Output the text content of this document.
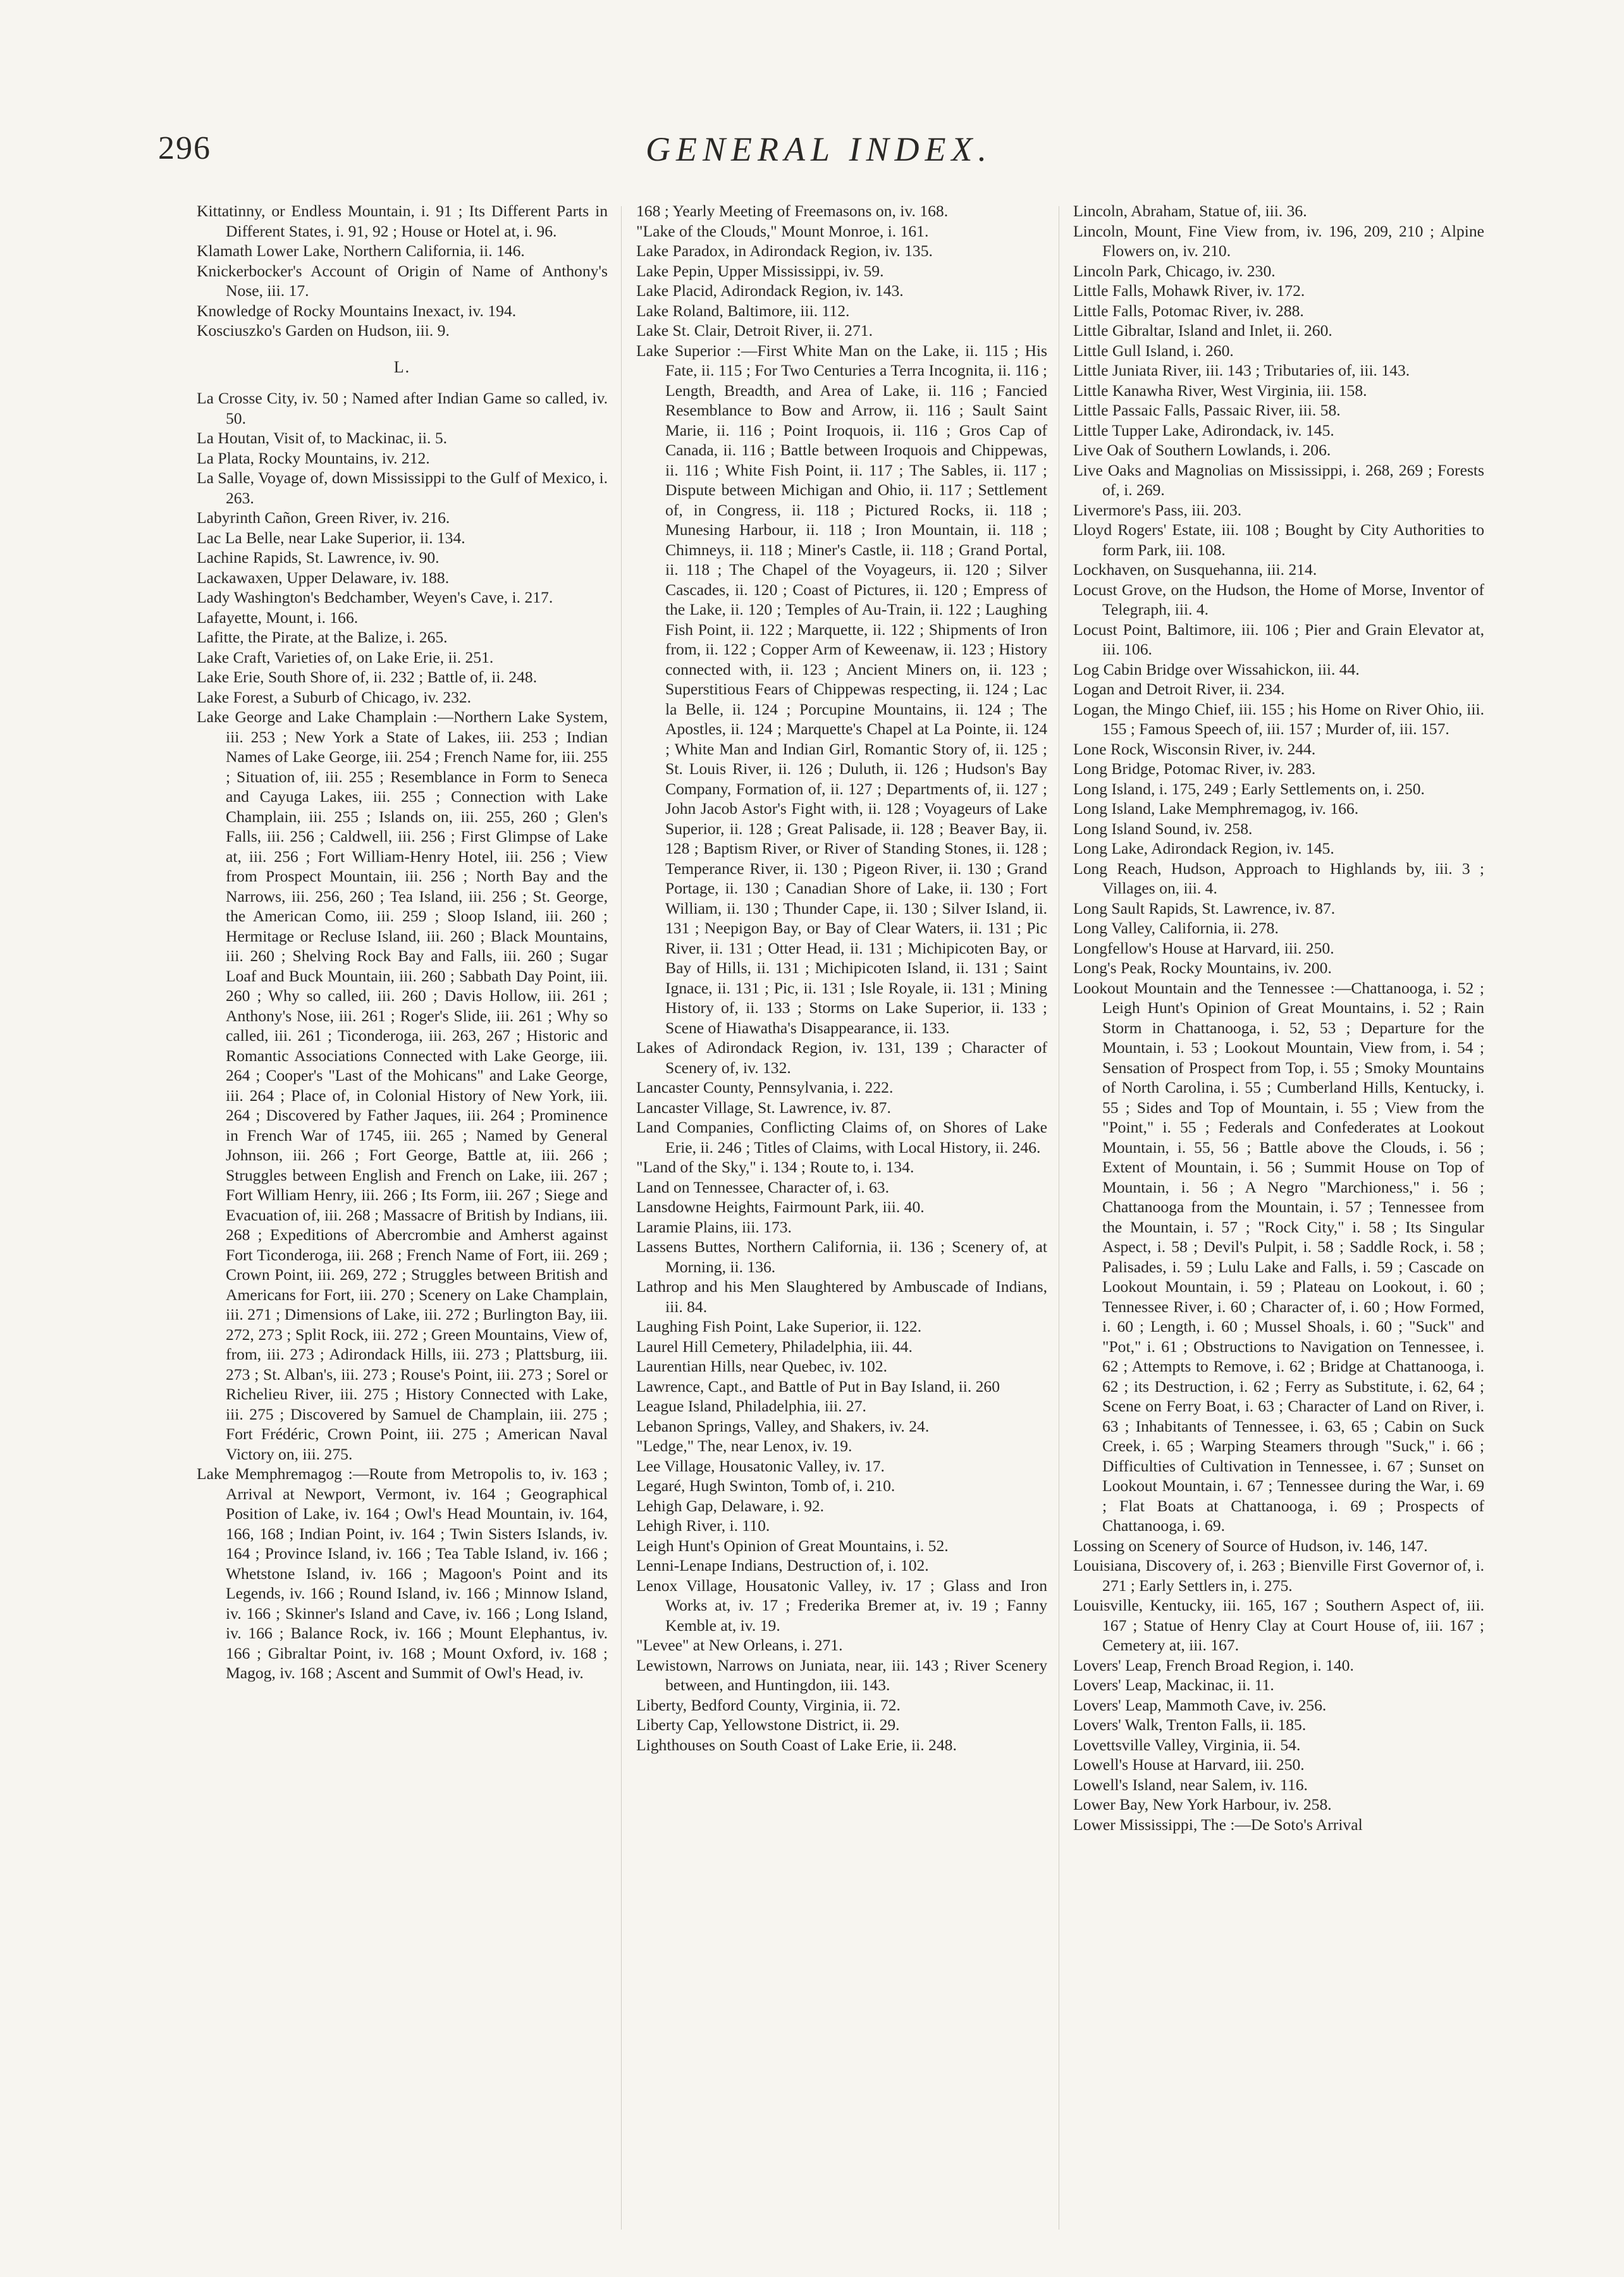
296	GENERAL INDEX.

Kittatinny, or Endless Mountain, i. 91 ; Its Different Parts in Different States, i. 91, 92 ; House or Hotel at, i. 96.

Klamath Lower Lake, Northern California, ii. 146.

Knickerbocker's Account of Origin of Name of Anthony's Nose, iii. 17.

Knowledge of Rocky Mountains Inexact, iv. 194.

Kosciuszko's Garden on Hudson, iii. 9.

L.

La Crosse City, iv. 50 ; Named after Indian Game so called, iv. 50.

La Houtan, Visit of, to Mackinac, ii. 5.

La Plata, Rocky Mountains, iv. 212.

La Salle, Voyage of, down Mississippi to the Gulf of Mexico, i. 263.

Labyrinth Cañon, Green River, iv. 216.

Lac La Belle, near Lake Superior, ii. 134.

Lachine Rapids, St. Lawrence, iv. 90.

Lackawaxen, Upper Delaware, iv. 188.

Lady Washington's Bedchamber, Weyen's Cave, i. 217.

Lafayette, Mount, i. 166.

Lafitte, the Pirate, at the Balize, i. 265.

Lake Craft, Varieties of, on Lake Erie, ii. 251.

Lake Erie, South Shore of, ii. 232 ; Battle of, ii. 248.

Lake Forest, a Suburb of Chicago, iv. 232.

Lake George and Lake Champlain :—Northern Lake System, iii. 253 ; New York a State of Lakes, iii. 253 ; Indian Names of Lake George, iii. 254 ; French Name for, iii. 255 ; Situation of, iii. 255 ; Resemblance in Form to Seneca and Cayuga Lakes, iii. 255 ; Connection with Lake Champlain, iii. 255 ; Islands on, iii. 255, 260 ; Glen's Falls, iii. 256 ; Caldwell, iii. 256 ; First Glimpse of Lake at, iii. 256 ; Fort William-Henry Hotel, iii. 256 ; View from Prospect Mountain, iii. 256 ; North Bay and the Narrows, iii. 256, 260 ; Tea Island, iii. 256 ; St. George, the American Como, iii. 259 ; Sloop Island, iii. 260 ; Hermitage or Recluse Island, iii. 260 ; Black Mountains, iii. 260 ; Shelving Rock Bay and Falls, iii. 260 ; Sugar Loaf and Buck Mountain, iii. 260 ; Sabbath Day Point, iii. 260 ; Why so called, iii. 260 ; Davis Hollow, iii. 261 ; Anthony's Nose, iii. 261 ; Roger's Slide, iii. 261 ; Why so called, iii. 261 ; Ticonderoga, iii. 263, 267 ; Historic and Romantic Associations Connected with Lake George, iii. 264 ; Cooper's "Last of the Mohicans" and Lake George, iii. 264 ; Place of, in Colonial History of New York, iii. 264 ; Discovered by Father Jaques, iii. 264 ; Prominence in French War of 1745, iii. 265 ; Named by General Johnson, iii. 266 ; Fort George, Battle at, iii. 266 ; Struggles between English and French on Lake, iii. 267 ; Fort William Henry, iii. 266 ; Its Form, iii. 267 ; Siege and Evacuation of, iii. 268 ; Massacre of British by Indians, iii. 268 ; Expeditions of Abercrombie and Amherst against Fort Ticonderoga, iii. 268 ; French Name of Fort, iii. 269 ; Crown Point, iii. 269, 272 ; Struggles between British and Americans for Fort, iii. 270 ; Scenery on Lake Champlain, iii. 271 ; Dimensions of Lake, iii. 272 ; Burlington Bay, iii. 272, 273 ; Split Rock, iii. 272 ; Green Mountains, View of, from, iii. 273 ; Adirondack Hills, iii. 273 ; Plattsburg, iii. 273 ; St. Alban's, iii. 273 ; Rouse's Point, iii. 273 ; Sorel or Richelieu River, iii. 275 ; History Connected with Lake, iii. 275 ; Discovered by Samuel de Champlain, iii. 275 ; Fort Frédéric, Crown Point, iii. 275 ; American Naval Victory on, iii. 275.

Lake Memphremagog :—Route from Metropolis to, iv. 163 ; Arrival at Newport, Vermont, iv. 164 ; Geographical Position of Lake, iv. 164 ; Owl's Head Mountain, iv. 164, 166, 168 ; Indian Point, iv. 164 ; Twin Sisters Islands, iv. 164 ; Province Island, iv. 166 ; Tea Table Island, iv. 166 ; Whetstone Island, iv. 166 ; Magoon's Point and its Legends, iv. 166 ; Round Island, iv. 166 ; Minnow Island, iv. 166 ; Skinner's Island and Cave, iv. 166 ; Long Island, iv. 166 ; Balance Rock, iv. 166 ; Mount Elephantus, iv. 166 ; Gibraltar Point, iv. 168 ; Mount Oxford, iv. 168 ; Magog, iv. 168 ; Ascent and Summit of Owl's Head, iv.

168 ; Yearly Meeting of Freemasons on, iv. 168.

"Lake of the Clouds," Mount Monroe, i. 161.

Lake Paradox, in Adirondack Region, iv. 135.

Lake Pepin, Upper Mississippi, iv. 59.

Lake Placid, Adirondack Region, iv. 143.

Lake Roland, Baltimore, iii. 112.

Lake St. Clair, Detroit River, ii. 271.

Lake Superior :—First White Man on the Lake, ii. 115 ; His Fate, ii. 115 ; For Two Centuries a Terra Incognita, ii. 116 ; Length, Breadth, and Area of Lake, ii. 116 ; Fancied Resemblance to Bow and Arrow, ii. 116 ; Sault Saint Marie, ii. 116 ; Point Iroquois, ii. 116 ; Gros Cap of Canada, ii. 116 ; Battle between Iroquois and Chippewas, ii. 116 ; White Fish Point, ii. 117 ; The Sables, ii. 117 ; Dispute between Michigan and Ohio, ii. 117 ; Settlement of, in Congress, ii. 118 ; Pictured Rocks, ii. 118 ; Munesing Harbour, ii. 118 ; Iron Mountain, ii. 118 ; Chimneys, ii. 118 ; Miner's Castle, ii. 118 ; Grand Portal, ii. 118 ; The Chapel of the Voyageurs, ii. 120 ; Silver Cascades, ii. 120 ; Coast of Pictures, ii. 120 ; Empress of the Lake, ii. 120 ; Temples of Au-Train, ii. 122 ; Laughing Fish Point, ii. 122 ; Marquette, ii. 122 ; Shipments of Iron from, ii. 122 ; Copper Arm of Keweenaw, ii. 123 ; History connected with, ii. 123 ; Ancient Miners on, ii. 123 ; Superstitious Fears of Chippewas respecting, ii. 124 ; Lac la Belle, ii. 124 ; Porcupine Mountains, ii. 124 ; The Apostles, ii. 124 ; Marquette's Chapel at La Pointe, ii. 124 ; White Man and Indian Girl, Romantic Story of, ii. 125 ; St. Louis River, ii. 126 ; Duluth, ii. 126 ; Hudson's Bay Company, Formation of, ii. 127 ; Departments of, ii. 127 ; John Jacob Astor's Fight with, ii. 128 ; Voyageurs of Lake Superior, ii. 128 ; Great Palisade, ii. 128 ; Beaver Bay, ii. 128 ; Baptism River, or River of Standing Stones, ii. 128 ; Temperance River, ii. 130 ; Pigeon River, ii. 130 ; Grand Portage, ii. 130 ; Canadian Shore of Lake, ii. 130 ; Fort William, ii. 130 ; Thunder Cape, ii. 130 ; Silver Island, ii. 131 ; Neepigon Bay, or Bay of Clear Waters, ii. 131 ; Pic River, ii. 131 ; Otter Head, ii. 131 ; Michipicoten Bay, or Bay of Hills, ii. 131 ; Michipicoten Island, ii. 131 ; Saint Ignace, ii. 131 ; Pic, ii. 131 ; Isle Royale, ii. 131 ; Mining History of, ii. 133 ; Storms on Lake Superior, ii. 133 ; Scene of Hiawatha's Disappearance, ii. 133.

Lakes of Adirondack Region, iv. 131, 139 ; Character of Scenery of, iv. 132.

Lancaster County, Pennsylvania, i. 222.

Lancaster Village, St. Lawrence, iv. 87.

Land Companies, Conflicting Claims of, on Shores of Lake Erie, ii. 246 ; Titles of Claims, with Local History, ii. 246.

"Land of the Sky," i. 134 ; Route to, i. 134.

Land on Tennessee, Character of, i. 63.

Lansdowne Heights, Fairmount Park, iii. 40.

Laramie Plains, iii. 173.

Lassens Buttes, Northern California, ii. 136 ; Scenery of, at Morning, ii. 136.

Lathrop and his Men Slaughtered by Ambuscade of Indians, iii. 84.

Laughing Fish Point, Lake Superior, ii. 122.

Laurel Hill Cemetery, Philadelphia, iii. 44.

Laurentian Hills, near Quebec, iv. 102.

Lawrence, Capt., and Battle of Put in Bay Island, ii. 260

League Island, Philadelphia, iii. 27.

Lebanon Springs, Valley, and Shakers, iv. 24.

"Ledge," The, near Lenox, iv. 19.

Lee Village, Housatonic Valley, iv. 17.

Legaré, Hugh Swinton, Tomb of, i. 210.

Lehigh Gap, Delaware, i. 92.

Lehigh River, i. 110.

Leigh Hunt's Opinion of Great Mountains, i. 52.

Lenni-Lenape Indians, Destruction of, i. 102.

Lenox Village, Housatonic Valley, iv. 17 ; Glass and Iron Works at, iv. 17 ; Frederika Bremer at, iv. 19 ; Fanny Kemble at, iv. 19.

"Levee" at New Orleans, i. 271.

Lewistown, Narrows on Juniata, near, iii. 143 ; River Scenery between, and Huntingdon, iii. 143.

Liberty, Bedford County, Virginia, ii. 72.

Liberty Cap, Yellowstone District, ii. 29.

Lighthouses on South Coast of Lake Erie, ii. 248.

Lincoln, Abraham, Statue of, iii. 36.

Lincoln, Mount, Fine View from, iv. 196, 209, 210 ; Alpine Flowers on, iv. 210.

Lincoln Park, Chicago, iv. 230.

Little Falls, Mohawk River, iv. 172.

Little Falls, Potomac River, iv. 288.

Little Gibraltar, Island and Inlet, ii. 260.

Little Gull Island, i. 260.

Little Juniata River, iii. 143 ; Tributaries of, iii. 143.

Little Kanawha River, West Virginia, iii. 158.

Little Passaic Falls, Passaic River, iii. 58.

Little Tupper Lake, Adirondack, iv. 145.

Live Oak of Southern Lowlands, i. 206.

Live Oaks and Magnolias on Mississippi, i. 268, 269 ; Forests of, i. 269.

Livermore's Pass, iii. 203.

Lloyd Rogers' Estate, iii. 108 ; Bought by City Authorities to form Park, iii. 108.

Lockhaven, on Susquehanna, iii. 214.

Locust Grove, on the Hudson, the Home of Morse, Inventor of Telegraph, iii. 4.

Locust Point, Baltimore, iii. 106 ; Pier and Grain Elevator at, iii. 106.

Log Cabin Bridge over Wissahickon, iii. 44.

Logan and Detroit River, ii. 234.

Logan, the Mingo Chief, iii. 155 ; his Home on River Ohio, iii. 155 ; Famous Speech of, iii. 157 ; Murder of, iii. 157.

Lone Rock, Wisconsin River, iv. 244.

Long Bridge, Potomac River, iv. 283.

Long Island, i. 175, 249 ; Early Settlements on, i. 250.

Long Island, Lake Memphremagog, iv. 166.

Long Island Sound, iv. 258.

Long Lake, Adirondack Region, iv. 145.

Long Reach, Hudson, Approach to Highlands by, iii. 3 ; Villages on, iii. 4.

Long Sault Rapids, St. Lawrence, iv. 87.

Long Valley, California, ii. 278.

Longfellow's House at Harvard, iii. 250.

Long's Peak, Rocky Mountains, iv. 200.

Lookout Mountain and the Tennessee :—Chattanooga, i. 52 ; Leigh Hunt's Opinion of Great Mountains, i. 52 ; Rain Storm in Chattanooga, i. 52, 53 ; Departure for the Mountain, i. 53 ; Lookout Mountain, View from, i. 54 ; Sensation of Prospect from Top, i. 55 ; Smoky Mountains of North Carolina, i. 55 ; Cumberland Hills, Kentucky, i. 55 ; Sides and Top of Mountain, i. 55 ; View from the "Point," i. 55 ; Federals and Confederates at Lookout Mountain, i. 55, 56 ; Battle above the Clouds, i. 56 ; Extent of Mountain, i. 56 ; Summit House on Top of Mountain, i. 56 ; A Negro "Marchioness," i. 56 ; Chattanooga from the Mountain, i. 57 ; Tennessee from the Mountain, i. 57 ; "Rock City," i. 58 ; Its Singular Aspect, i. 58 ; Devil's Pulpit, i. 58 ; Saddle Rock, i. 58 ; Palisades, i. 59 ; Lulu Lake and Falls, i. 59 ; Cascade on Lookout Mountain, i. 59 ; Plateau on Lookout, i. 60 ; Tennessee River, i. 60 ; Character of, i. 60 ; How Formed, i. 60 ; Length, i. 60 ; Mussel Shoals, i. 60 ; "Suck" and "Pot," i. 61 ; Obstructions to Navigation on Tennessee, i. 62 ; Attempts to Remove, i. 62 ; Bridge at Chattanooga, i. 62 ; its Destruction, i. 62 ; Ferry as Substitute, i. 62, 64 ; Scene on Ferry Boat, i. 63 ; Character of Land on River, i. 63 ; Inhabitants of Tennessee, i. 63, 65 ; Cabin on Suck Creek, i. 65 ; Warping Steamers through "Suck," i. 66 ; Difficulties of Cultivation in Tennessee, i. 67 ; Sunset on Lookout Mountain, i. 67 ; Tennessee during the War, i. 69 ; Flat Boats at Chattanooga, i. 69 ; Prospects of Chattanooga, i. 69.

Lossing on Scenery of Source of Hudson, iv. 146, 147.

Louisiana, Discovery of, i. 263 ; Bienville First Governor of, i. 271 ; Early Settlers in, i. 275.

Louisville, Kentucky, iii. 165, 167 ; Southern Aspect of, iii. 167 ; Statue of Henry Clay at Court House of, iii. 167 ; Cemetery at, iii. 167.

Lovers' Leap, French Broad Region, i. 140.

Lovers' Leap, Mackinac, ii. 11.

Lovers' Leap, Mammoth Cave, iv. 256.

Lovers' Walk, Trenton Falls, ii. 185.

Lovettsville Valley, Virginia, ii. 54.

Lowell's House at Harvard, iii. 250.

Lowell's Island, near Salem, iv. 116.

Lower Bay, New York Harbour, iv. 258.

Lower Mississippi, The :—De Soto's Arrival
